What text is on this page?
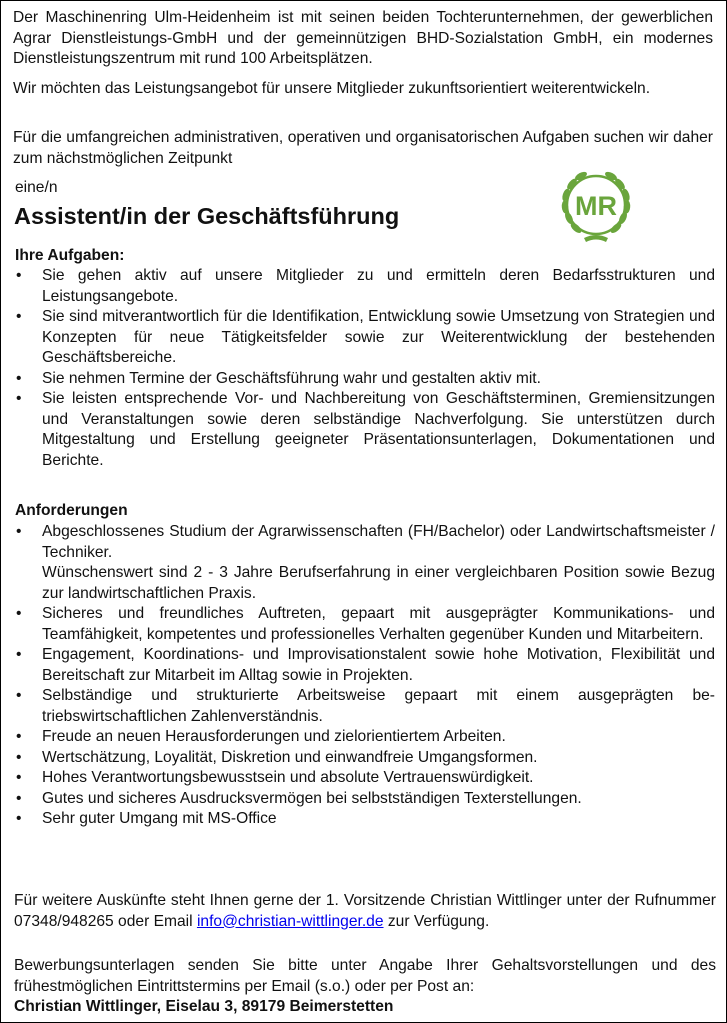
Der Maschinenring Ulm-Heidenheim ist mit seinen beiden Tochterunternehmen, der gewerblichen Agrar Dienstleistungs-GmbH und der gemeinnützigen BHD-Sozialstation GmbH, ein modernes Dienstleistungszentrum mit rund 100 Arbeitsplätzen.

Wir möchten das Leistungsangebot für unsere Mitglieder zukunftsorientiert weiterentwickeln.

Für die umfangreichen administrativen, operativen und organisatorischen Aufgaben suchen wir daher zum nächstmöglichen Zeitpunkt

eine/n

Assistent/in der Geschäftsführung	MR
Ihre Aufgaben:
• Sie gehen aktiv auf unsere Mitglieder zu und ermitteln deren Bedarfsstrukturen und Leistungsangebote.
• Sie sind mitverantwortlich für die Identifikation, Entwicklung sowie Umsetzung von Strategien und Konzepten für neue Tätigkeitsfelder sowie zur Weiterentwicklung der bestehenden Geschäftsbereiche.
• Sie nehmen Termine der Geschäftsführung wahr und gestalten aktiv mit.
• Sie leisten entsprechende Vor- und Nachbereitung von Geschäftsterminen, Gremiensitzungen und Veranstaltungen sowie deren selbständige Nachverfolgung. Sie unterstützen durch Mitgestaltung und Erstellung geeigneter Präsentationsunterlagen, Dokumentationen und Berichte.
Anforderungen
• Abgeschlossenes Studium der Agrarwissenschaften (FH/Bachelor) oder Landwirtschaftsmeister / Techniker.
Wünschenswert sind 2 - 3 Jahre Berufserfahrung in einer vergleichbaren Position sowie Bezug zur landwirtschaftlichen Praxis.
• Sicheres und freundliches Auftreten, gepaart mit ausgeprägter Kommunikations- und Teamfähigkeit, kompetentes und professionelles Verhalten gegenüber Kunden und Mitarbeitern.
• Engagement, Koordinations- und Improvisationstalent sowie hohe Motivation, Flexibilität und Bereitschaft zur Mitarbeit im Alltag sowie in Projekten.
• Selbständige und strukturierte Arbeitsweise gepaart mit einem ausgeprägten betriebswirtschaftlichen Zahlenverständnis.
• Freude an neuen Herausforderungen und zielorientiertem Arbeiten.
• Wertschätzung, Loyalität, Diskretion und einwandfreie Umgangsformen.
• Hohes Verantwortungsbewusstsein und absolute Vertrauenswürdigkeit.
• Gutes und sicheres Ausdrucksvermögen bei selbstständigen Texterstellungen.
• Sehr guter Umgang mit MS-Office

Für weitere Auskünfte steht Ihnen gerne der 1. Vorsitzende Christian Wittlinger unter der Rufnummer 07348/948265 oder Email info@christian-wittlinger.de zur Verfügung.

Bewerbungsunterlagen senden Sie bitte unter Angabe Ihrer Gehaltsvorstellungen und des frühestmöglichen Eintrittstermins per Email (s.o.) oder per Post an:
Christian Wittlinger, Eiselau 3, 89179 Beimerstetten
